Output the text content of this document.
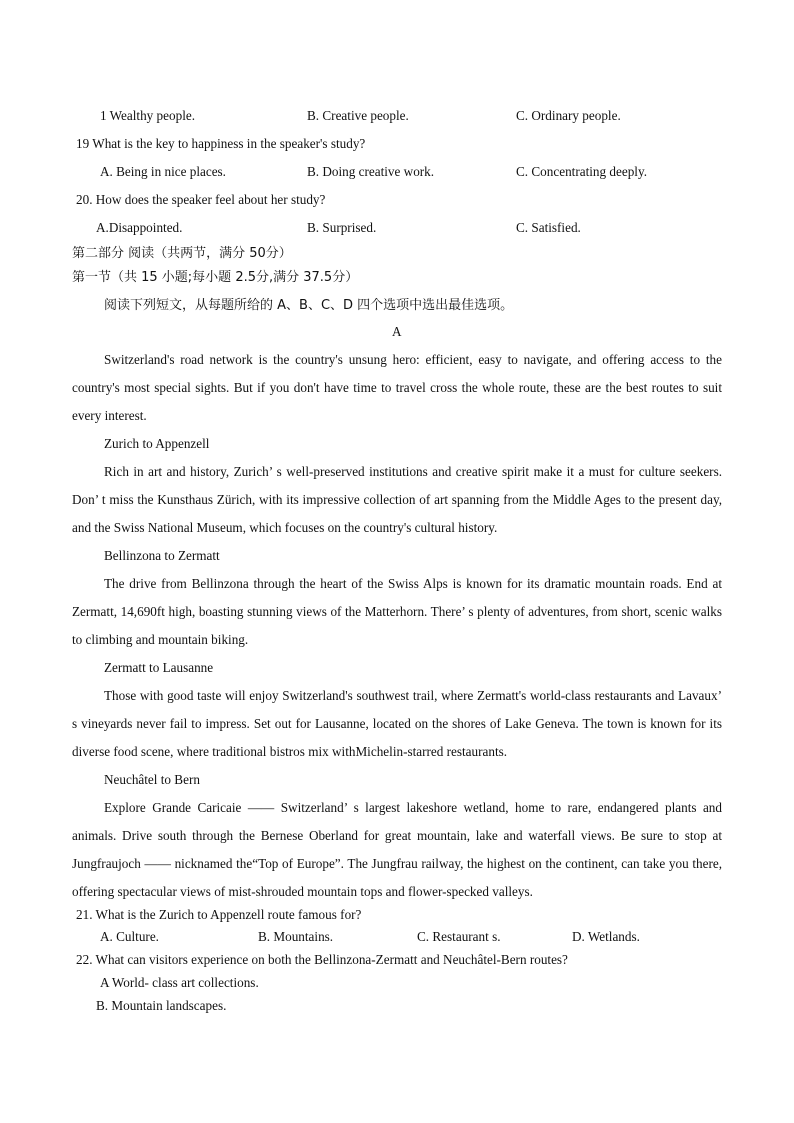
1 Wealthy people.	B. Creative people.	C. Ordinary people.
19 What is the key to happiness in the speaker's study?
A. Being in nice places.	B. Doing creative work.	C. Concentrating deeply.
20. How does the speaker feel about her study?
A.Disappointed.	B. Surprised.	C. Satisfied.
第二部分 阅读（共两节，满分 50分）
第一节（共 15 小题;每小题 2.5分,满分 37.5分）
阅读下列短文，从每题所给的 A、B、C、D 四个选项中选出最佳选项。
A
Switzerland's road network is the country's unsung hero: efficient, easy to navigate, and offering access to the country's most special sights. But if you don't have time to travel cross the whole route, these are the best routes to suit every interest.
Zurich to Appenzell
Rich in art and history, Zurich’ s well-preserved institutions and creative spirit make it a must for culture seekers. Don’ t miss the Kunsthaus Zürich, with its impressive collection of art spanning from the Middle Ages to the present day, and the Swiss National Museum, which focuses on the country's cultural history.
Bellinzona to Zermatt
The drive from Bellinzona through the heart of the Swiss Alps is known for its dramatic mountain roads. End at Zermatt, 14,690ft high, boasting stunning views of the Matterhorn. There’ s plenty of adventures, from short, scenic walks to climbing and mountain biking.
Zermatt to Lausanne
Those with good taste will enjoy Switzerland's southwest trail, where Zermatt's world-class restaurants and Lavaux’ s vineyards never fail to impress. Set out for Lausanne, located on the shores of Lake Geneva. The town is known for its diverse food scene, where traditional bistros mix withMichelin-starred restaurants.
Neuchâtel to Bern
Explore Grande Caricaie —— Switzerland’ s largest lakeshore wetland, home to rare, endangered plants and animals. Drive south through the Bernese Oberland for great mountain, lake and waterfall views. Be sure to stop at Jungfraujoch —— nicknamed the“Top of Europe”. The Jungfrau railway, the highest on the continent, can take you there, offering spectacular views of mist-shrouded mountain tops and flower-specked valleys.
21. What is the Zurich to Appenzell route famous for?
A. Culture.	B. Mountains.	C. Restaurant s.	D. Wetlands.
22. What can visitors experience on both the Bellinzona-Zermatt and Neuchâtel-Bern routes?
A World- class art collections.
B. Mountain landscapes.
